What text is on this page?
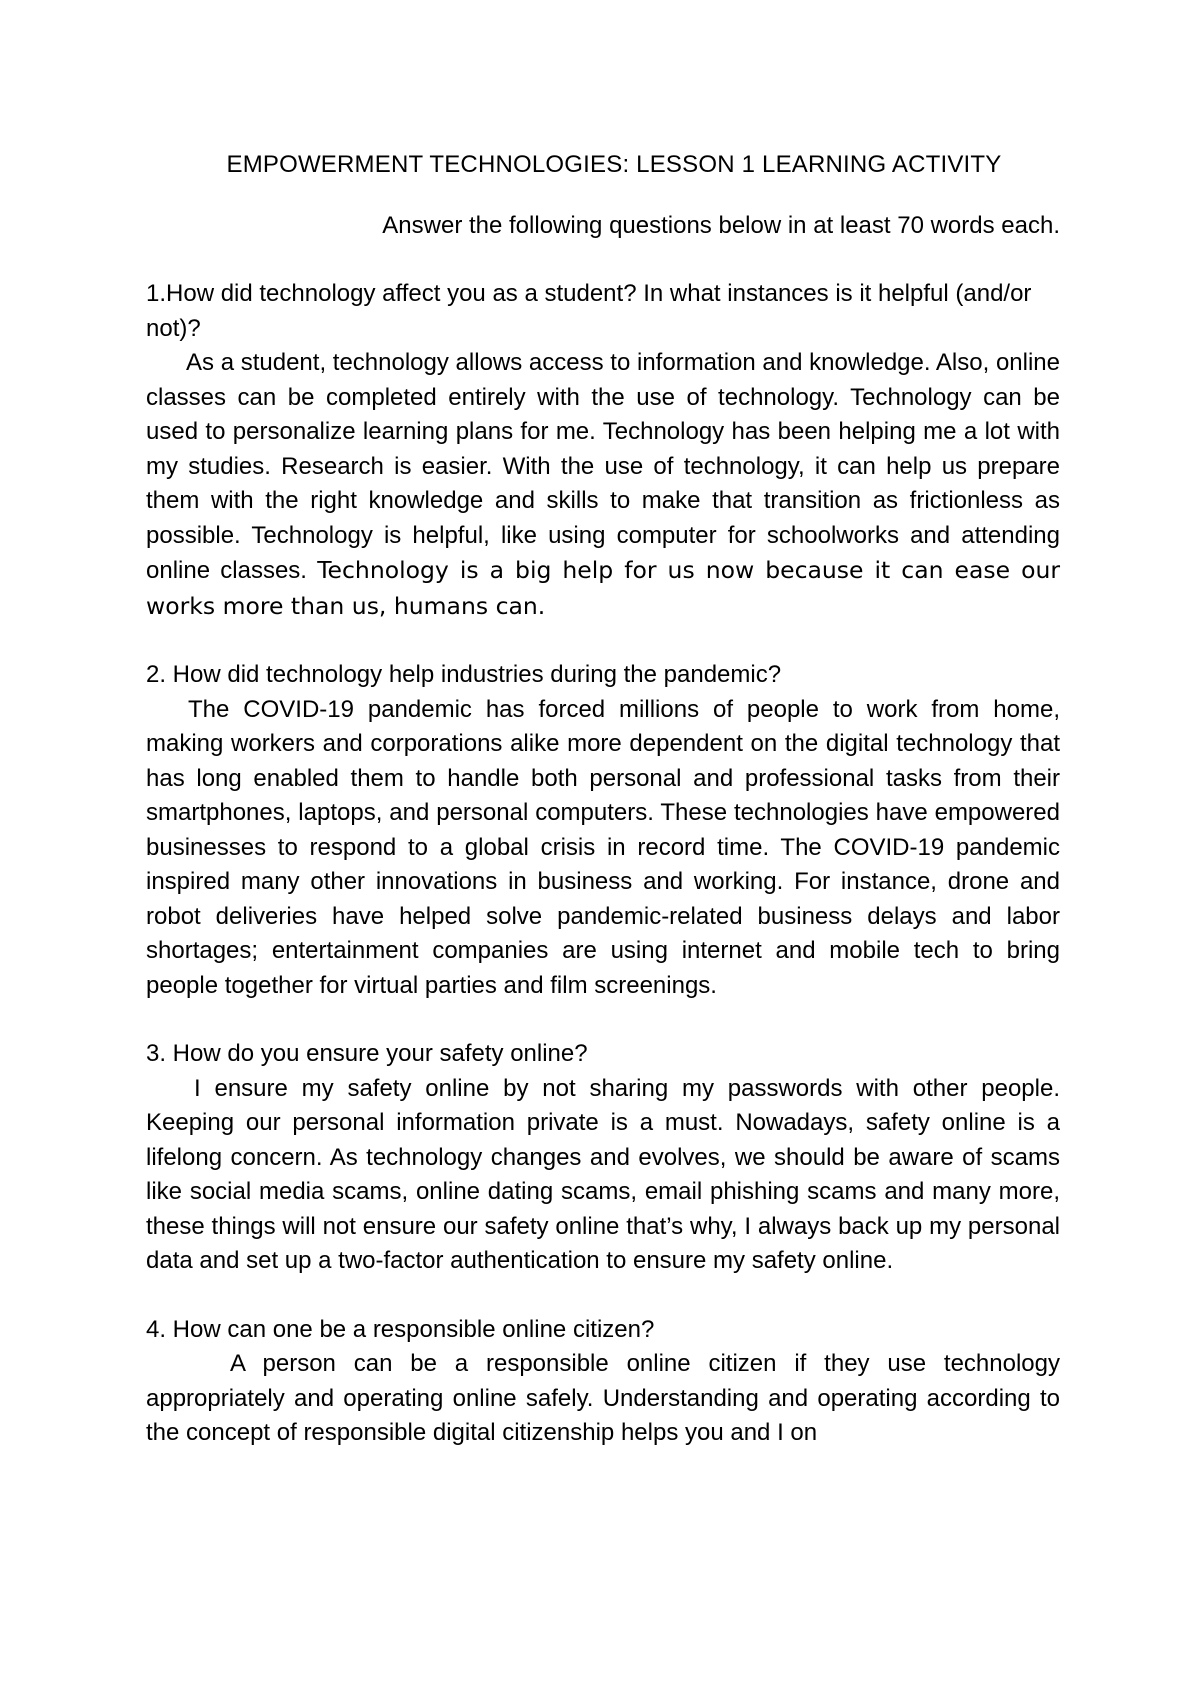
EMPOWERMENT TECHNOLOGIES: LESSON 1 LEARNING ACTIVITY

Answer the following questions below in at least 70 words each.

1.How did technology affect you as a student? In what instances is it helpful (and/or not)?

As a student, technology allows access to information and knowledge. Also, online classes can be completed entirely with the use of technology. Technology can be used to personalize learning plans for me. Technology has been helping me a lot with my studies. Research is easier. With the use of technology, it can help us prepare them with the right knowledge and skills to make that transition as frictionless as possible. Technology is helpful, like using computer for schoolworks and attending online classes. Technology is a big help for us now because it can ease our works more than us, humans can.

2. How did technology help industries during the pandemic?

The COVID-19 pandemic has forced millions of people to work from home, making workers and corporations alike more dependent on the digital technology that has long enabled them to handle both personal and professional tasks from their smartphones, laptops, and personal computers. These technologies have empowered businesses to respond to a global crisis in record time. The COVID-19 pandemic inspired many other innovations in business and working. For instance, drone and robot deliveries have helped solve pandemic-related business delays and labor shortages; entertainment companies are using internet and mobile tech to bring people together for virtual parties and film screenings.

3. How do you ensure your safety online?

I ensure my safety online by not sharing my passwords with other people. Keeping our personal information private is a must. Nowadays, safety online is a lifelong concern. As technology changes and evolves, we should be aware of scams like social media scams, online dating scams, email phishing scams and many more, these things will not ensure our safety online that’s why, I always back up my personal data and set up a two-factor authentication to ensure my safety online.

4. How can one be a responsible online citizen?

A person can be a responsible online citizen if they use technology appropriately and operating online safely. Understanding and operating according to the concept of responsible digital citizenship helps you and I on
